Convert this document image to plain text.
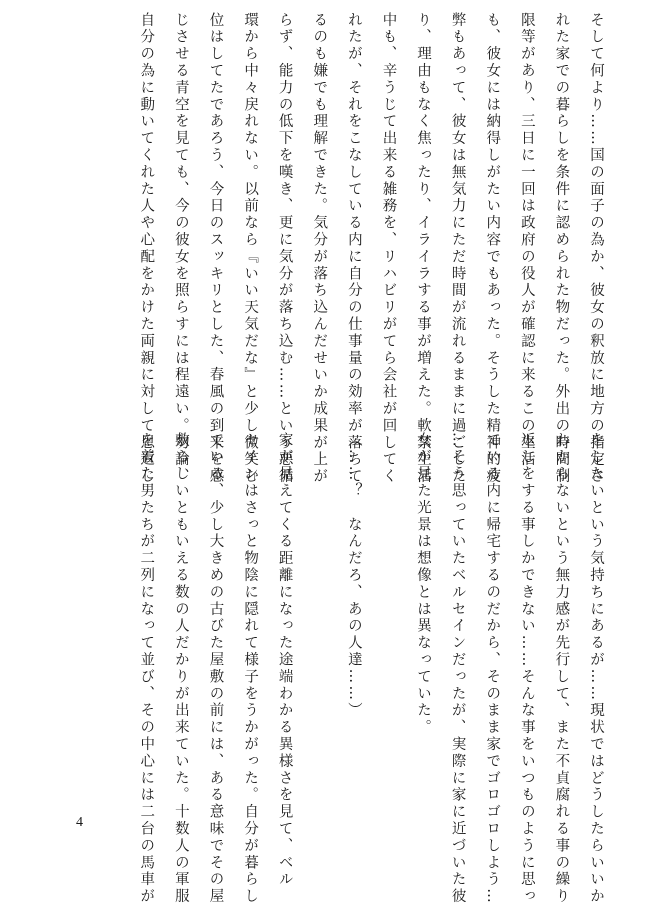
そして何より……国の面子の為か、彼女の釈放に地方の指定さ

れた家での暮らしを条件に認められた物だった。外出の時間制

限等があり、三日に一回は政府の役人が確認に来るこの生活

も、彼女には納得しがたい内容でもあった。そうした精神的疲

弊もあって、彼女は無気力にただ時間が流れるままに過ごした

り、理由もなく焦ったり、イライラする事が増えた。軟禁生活

中も、辛うじて出来る雑務を、リハビリがてら会社が回してく

れたが、それをこなしている内に自分の仕事量の効率が落ちて

るのも嫌でも理解できた。気分が落ち込んだせいか成果が上が

らず、能力の低下を嘆き、更に気分が落ち込む……という悪循

環から中々戻れない。以前なら『いい天気だな』と少し微笑む

位はしてたであろう、今日のスッキリとした、春風の到来を感

じさせる青空を見ても、今の彼女を照らすには程遠い。勿論、

自分の為に動いてくれた人や心配をかけた両親に対して恩返し

をしたいという気持ちにあるが……現状ではどうしたらいいか

わからないという無力感が先行して、また不貞腐れる事の繰り

返しをする事しかできない……そんな事をいつものように思っ

ている内に帰宅するのだから、そのまま家でゴロゴロしよう…

…そう思っていたベルセインだったが、実際に家に近づいた彼

女が見た光景は想像とは異なっていた。

（……？　なんだろ、あの人達……）

家が見えてくる距離になった途端わかる異様さを見て、ベル

セインはさっと物陰に隠れて様子をうかがった。自分が暮らし

ている、少し大きめの古びた屋敷の前には、ある意味でその屋

敷らしいともいえる数の人だかりが出来ていた。十数人の軍服

を着た男たちが二列になって並び、その中心には二台の馬車が

4
